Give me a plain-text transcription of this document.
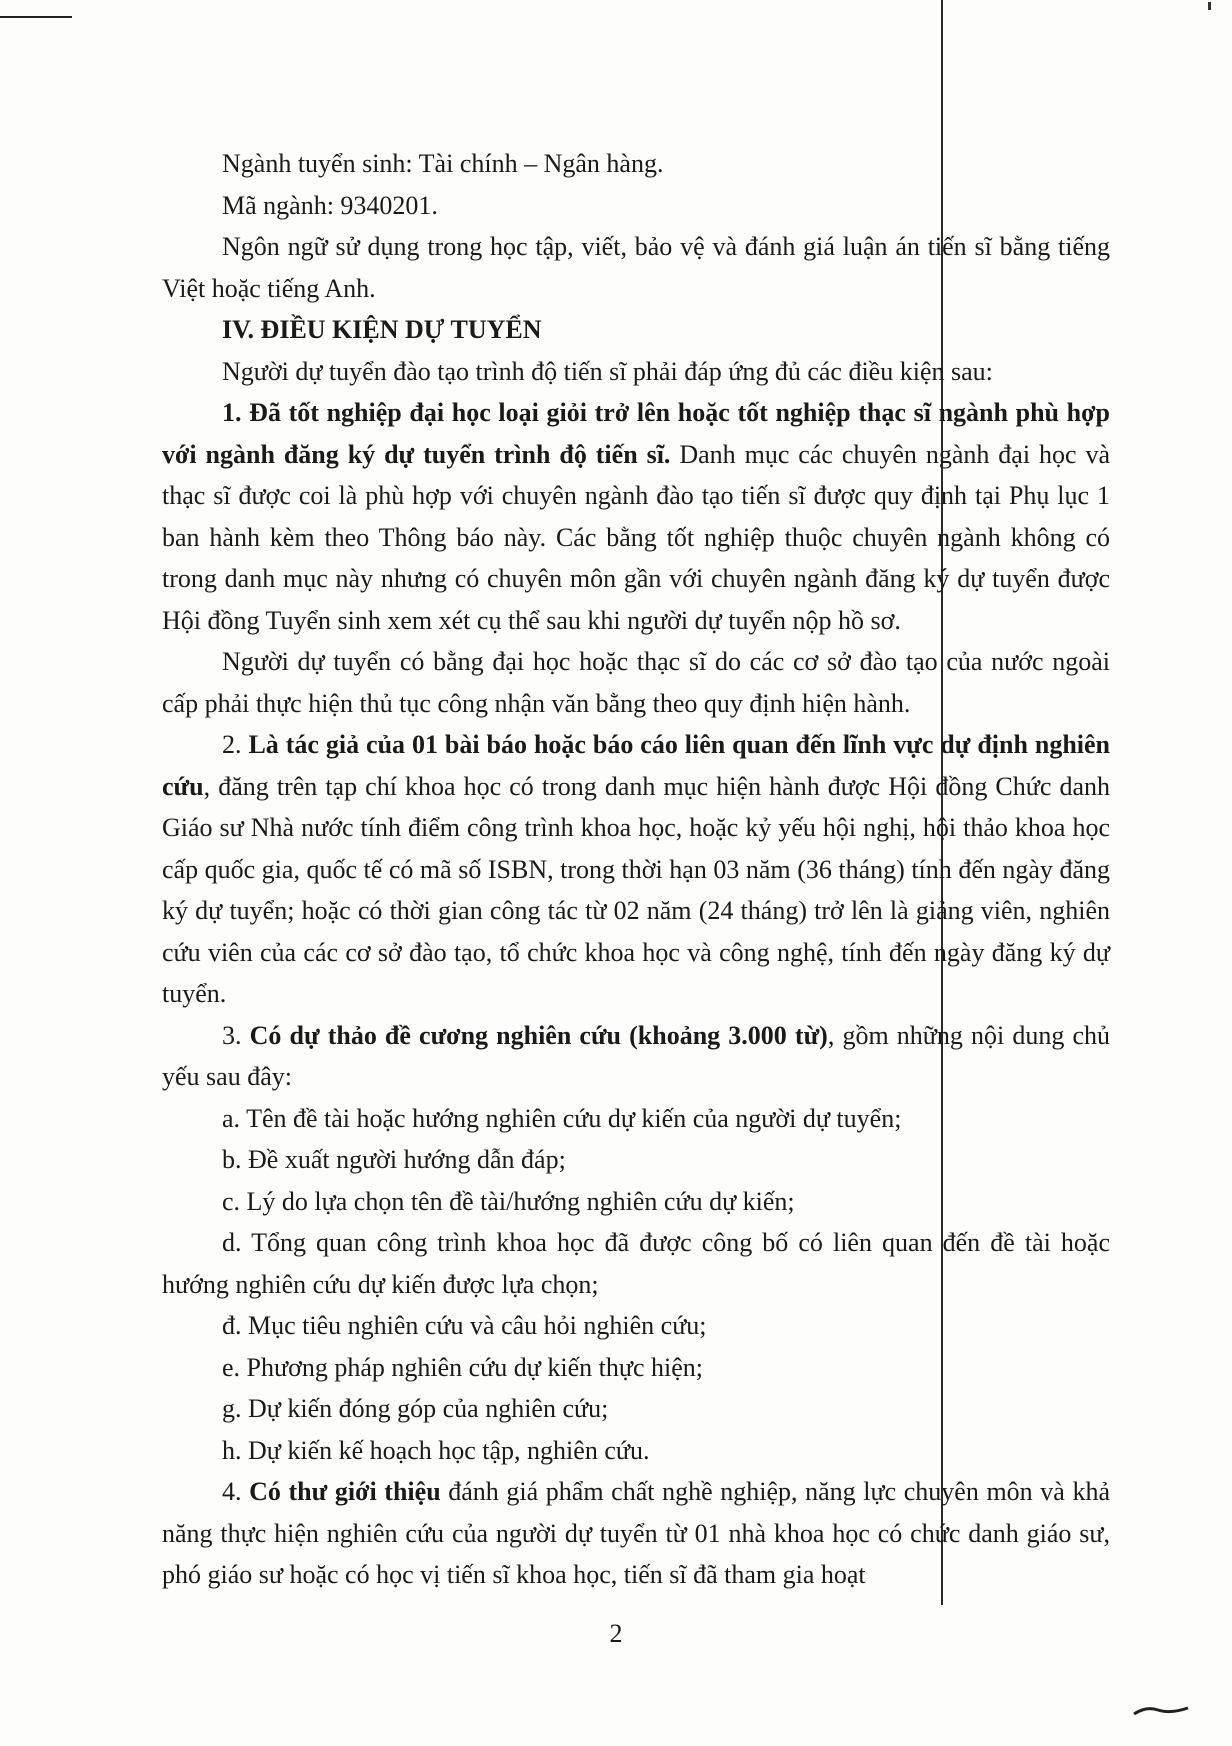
Ngành tuyển sinh: Tài chính – Ngân hàng.

Mã ngành: 9340201.

Ngôn ngữ sử dụng trong học tập, viết, bảo vệ và đánh giá luận án tiến sĩ bằng tiếng Việt hoặc tiếng Anh.

IV. ĐIỀU KIỆN DỰ TUYỂN

Người dự tuyển đào tạo trình độ tiến sĩ phải đáp ứng đủ các điều kiện sau:

1. Đã tốt nghiệp đại học loại giỏi trở lên hoặc tốt nghiệp thạc sĩ ngành phù hợp với ngành đăng ký dự tuyển trình độ tiến sĩ. Danh mục các chuyên ngành đại học và thạc sĩ được coi là phù hợp với chuyên ngành đào tạo tiến sĩ được quy định tại Phụ lục 1 ban hành kèm theo Thông báo này. Các bằng tốt nghiệp thuộc chuyên ngành không có trong danh mục này nhưng có chuyên môn gần với chuyên ngành đăng ký dự tuyển được Hội đồng Tuyển sinh xem xét cụ thể sau khi người dự tuyển nộp hồ sơ.

Người dự tuyển có bằng đại học hoặc thạc sĩ do các cơ sở đào tạo của nước ngoài cấp phải thực hiện thủ tục công nhận văn bằng theo quy định hiện hành.

2. Là tác giả của 01 bài báo hoặc báo cáo liên quan đến lĩnh vực dự định nghiên cứu, đăng trên tạp chí khoa học có trong danh mục hiện hành được Hội đồng Chức danh Giáo sư Nhà nước tính điểm công trình khoa học, hoặc kỷ yếu hội nghị, hội thảo khoa học cấp quốc gia, quốc tế có mã số ISBN, trong thời hạn 03 năm (36 tháng) tính đến ngày đăng ký dự tuyển; hoặc có thời gian công tác từ 02 năm (24 tháng) trở lên là giảng viên, nghiên cứu viên của các cơ sở đào tạo, tổ chức khoa học và công nghệ, tính đến ngày đăng ký dự tuyển.

3. Có dự thảo đề cương nghiên cứu (khoảng 3.000 từ), gồm những nội dung chủ yếu sau đây:

a. Tên đề tài hoặc hướng nghiên cứu dự kiến của người dự tuyển;

b. Đề xuất người hướng dẫn đáp;

c. Lý do lựa chọn tên đề tài/hướng nghiên cứu dự kiến;

d. Tổng quan công trình khoa học đã được công bố có liên quan đến đề tài hoặc hướng nghiên cứu dự kiến được lựa chọn;

đ. Mục tiêu nghiên cứu và câu hỏi nghiên cứu;

e. Phương pháp nghiên cứu dự kiến thực hiện;

g. Dự kiến đóng góp của nghiên cứu;

h. Dự kiến kế hoạch học tập, nghiên cứu.

4. Có thư giới thiệu đánh giá phẩm chất nghề nghiệp, năng lực chuyên môn và khả năng thực hiện nghiên cứu của người dự tuyển từ 01 nhà khoa học có chức danh giáo sư, phó giáo sư hoặc có học vị tiến sĩ khoa học, tiến sĩ đã tham gia hoạt

2
